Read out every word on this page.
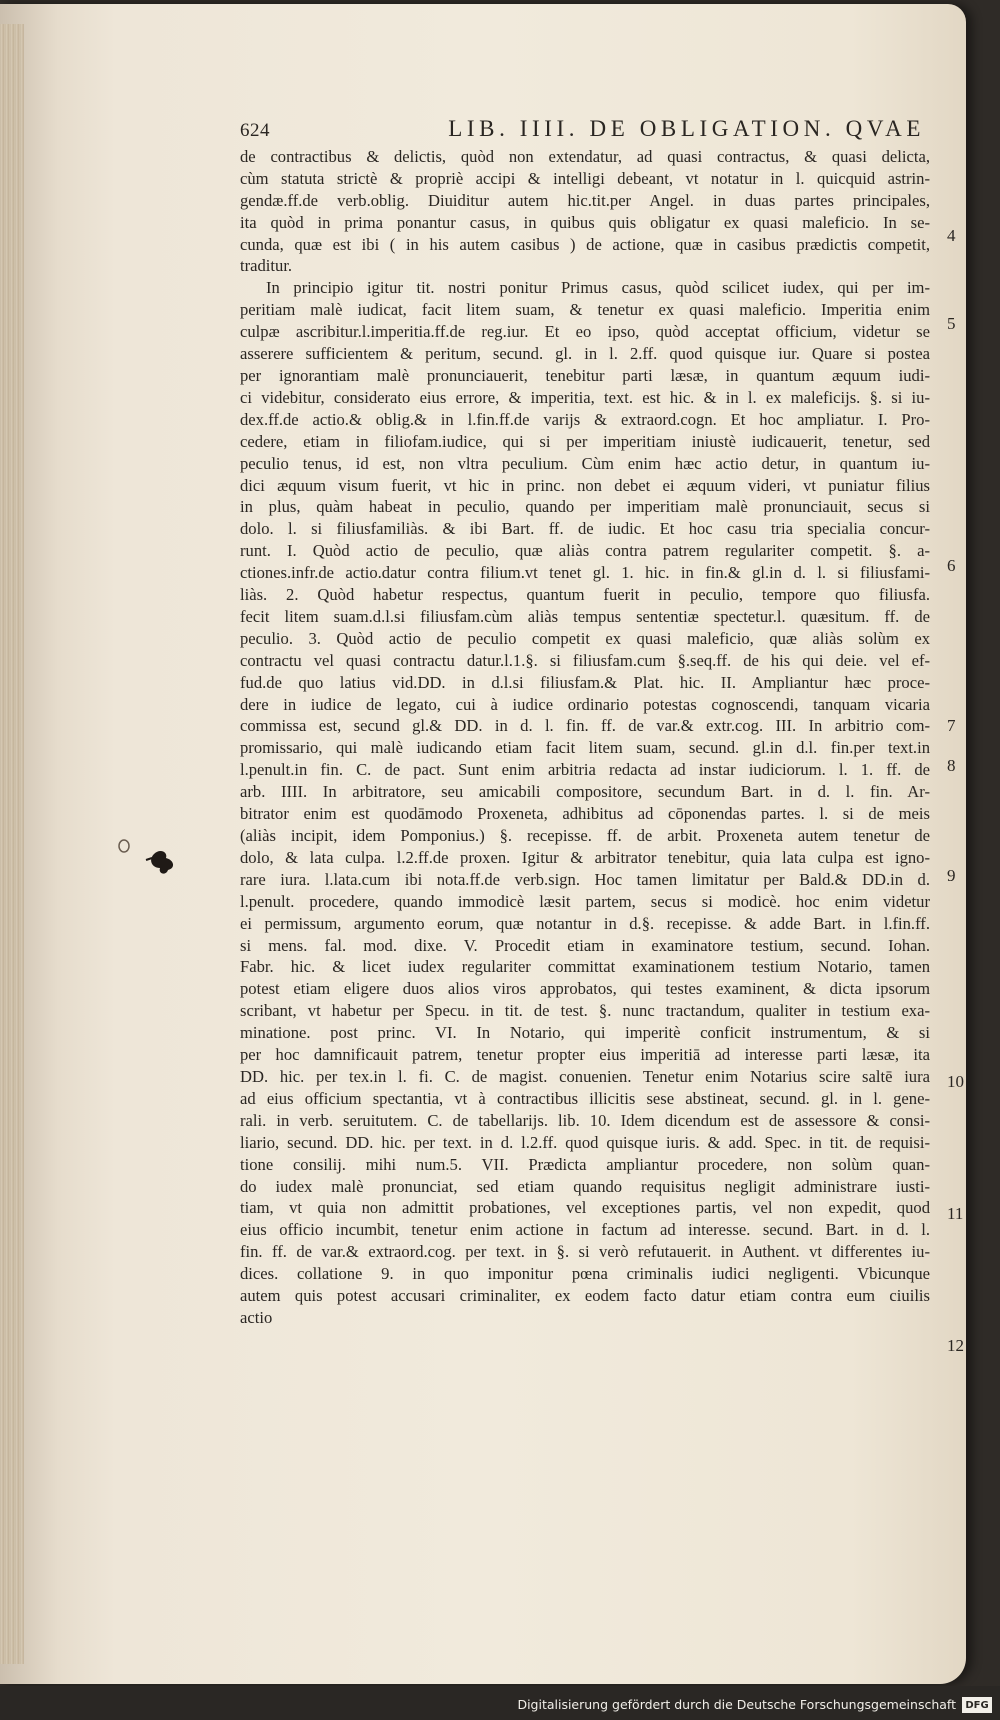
624	LIB. IIII. DE OBLIGATION. QVAE

de contractibus & delictis, quòd non extendatur, ad quasi contractus, & quasi delicta,

cùm statuta strictè & propriè accipi & intelligi debeant, vt notatur in l. quicquid astrin-

gendæ.ff.de verb.oblig. Diuiditur autem hic.tit.per Angel. in duas partes principales,

ita quòd in prima ponantur casus, in quibus quis obligatur ex quasi maleficio. In se-

cunda, quæ est ibi ( in his autem casibus ) de actione, quæ in casibus prædictis competit,

traditur.

In principio igitur tit. nostri ponitur Primus casus, quòd scilicet iudex, qui per im-

peritiam malè iudicat, facit litem suam, & tenetur ex quasi maleficio. Imperitia enim

culpæ ascribitur.l.imperitia.ff.de reg.iur. Et eo ipso, quòd acceptat officium, videtur se

asserere sufficientem & peritum, secund. gl. in l. 2.ff. quod quisque iur. Quare si postea

per ignorantiam malè pronunciauerit, tenebitur parti læsæ, in quantum æquum iudi-

ci videbitur, considerato eius errore, & imperitia, text. est hic. & in l. ex maleficijs. §. si iu-

dex.ff.de actio.& oblig.& in l.fin.ff.de varijs & extraord.cogn. Et hoc ampliatur. I. Pro-

cedere, etiam in filiofam.iudice, qui si per imperitiam iniustè iudicauerit, tenetur, sed

peculio tenus, id est, non vltra peculium. Cùm enim hæc actio detur, in quantum iu-

dici æquum visum fuerit, vt hic in princ. non debet ei æquum videri, vt puniatur filius

in plus, quàm habeat in peculio, quando per imperitiam malè pronunciauit, secus si

dolo. l. si filiusfamiliàs. & ibi Bart. ff. de iudic. Et hoc casu tria specialia concur-

runt. I. Quòd actio de peculio, quæ aliàs contra patrem regulariter competit. §. a-

ctiones.infr.de actio.datur contra filium.vt tenet gl. 1. hic. in fin.& gl.in d. l. si filiusfami-

liàs. 2. Quòd habetur respectus, quantum fuerit in peculio, tempore quo filiusfa.

fecit litem suam.d.l.si filiusfam.cùm aliàs tempus sententiæ spectetur.l. quæsitum. ff. de

peculio. 3. Quòd actio de peculio competit ex quasi maleficio, quæ aliàs solùm ex

contractu vel quasi contractu datur.l.1.§. si filiusfam.cum §.seq.ff. de his qui deie. vel ef-

fud.de quo latius vid.DD. in d.l.si filiusfam.& Plat. hic. II. Ampliantur hæc proce-

dere in iudice de legato, cui à iudice ordinario potestas cognoscendi, tanquam vicaria

commissa est, secund gl.& DD. in d. l. fin. ff. de var.& extr.cog. III. In arbitrio com-

promissario, qui malè iudicando etiam facit litem suam, secund. gl.in d.l. fin.per text.in

l.penult.in fin. C. de pact. Sunt enim arbitria redacta ad instar iudiciorum. l. 1. ff. de

arb. IIII. In arbitratore, seu amicabili compositore, secundum Bart. in d. l. fin. Ar-

bitrator enim est quodāmodo Proxeneta, adhibitus ad cōponendas partes. l. si de meis

(aliàs incipit, idem Pomponius.) §. recepisse. ff. de arbit. Proxeneta autem tenetur de

dolo, & lata culpa. l.2.ff.de proxen. Igitur & arbitrator tenebitur, quia lata culpa est igno-

rare iura. l.lata.cum ibi nota.ff.de verb.sign. Hoc tamen limitatur per Bald.& DD.in d.

l.penult. procedere, quando immodicè læsit partem, secus si modicè. hoc enim videtur

ei permissum, argumento eorum, quæ notantur in d.§. recepisse. & adde Bart. in l.fin.ff.

si mens. fal. mod. dixe. V. Procedit etiam in examinatore testium, secund. Iohan.

Fabr. hic. & licet iudex regulariter committat examinationem testium Notario, tamen

potest etiam eligere duos alios viros approbatos, qui testes examinent, & dicta ipsorum

scribant, vt habetur per Specu. in tit. de test. §. nunc tractandum, qualiter in testium exa-

minatione. post princ. VI. In Notario, qui imperitè conficit instrumentum, & si

per hoc damnificauit patrem, tenetur propter eius imperitiā ad interesse parti læsæ, ita

DD. hic. per tex.in l. fi. C. de magist. conuenien. Tenetur enim Notarius scire saltē iura

ad eius officium spectantia, vt à contractibus illicitis sese abstineat, secund. gl. in l. gene-

rali. in verb. seruitutem. C. de tabellarijs. lib. 10. Idem dicendum est de assessore & consi-

liario, secund. DD. hic. per text. in d. l.2.ff. quod quisque iuris. & add. Spec. in tit. de requisi-

tione consilij. mihi num.5. VII. Prædicta ampliantur procedere, non solùm quan-

do iudex malè pronunciat, sed etiam quando requisitus negligit administrare iusti-

tiam, vt quia non admittit probationes, vel exceptiones partis, vel non expedit, quod

eius officio incumbit, tenetur enim actione in factum ad interesse. secund. Bart. in d. l.

fin. ff. de var.& extraord.cog. per text. in §. si verò refutauerit. in Authent. vt differentes iu-

dices. collatione 9. in quo imponitur pœna criminalis iudici negligenti. Vbicunque

autem quis potest accusari criminaliter, ex eodem facto datur etiam contra eum ciuilis

actio

4
5
6
7
8
9
10
11
12
Digitalisierung gefördert durch die Deutsche Forschungsgemeinschaft DFG
